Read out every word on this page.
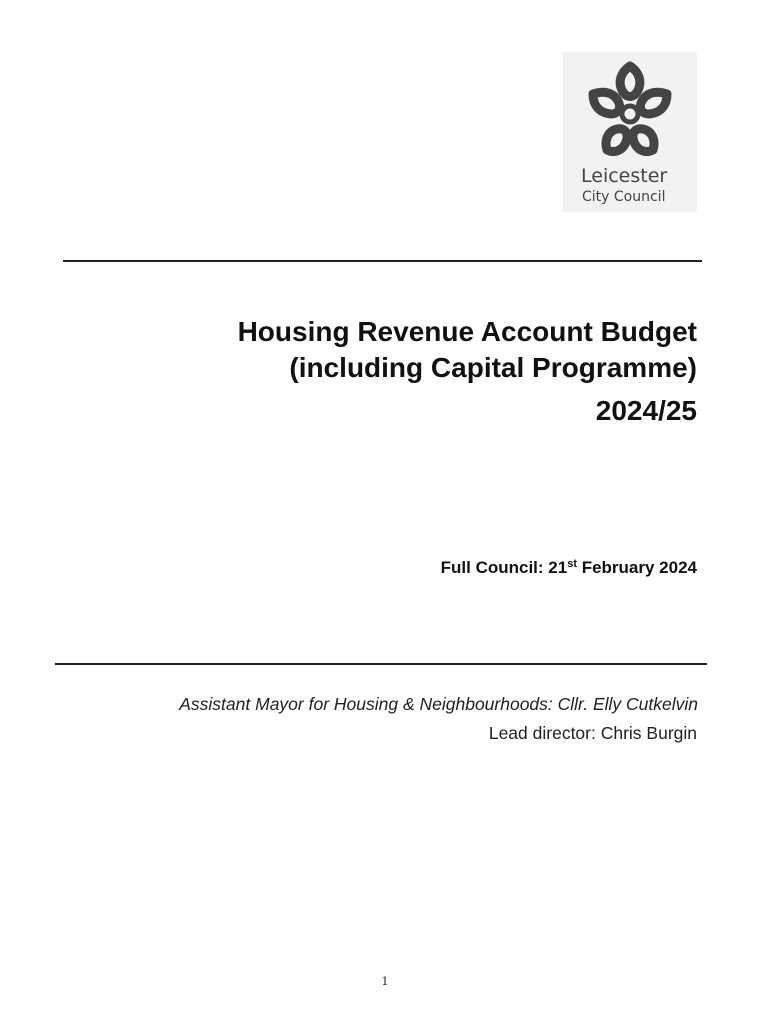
Leicester
City Council
Housing Revenue Account Budget
(including Capital Programme)
2024/25
Full Council: 21st February 2024
Assistant Mayor for Housing & Neighbourhoods: Cllr. Elly Cutkelvin
Lead director: Chris Burgin
1
